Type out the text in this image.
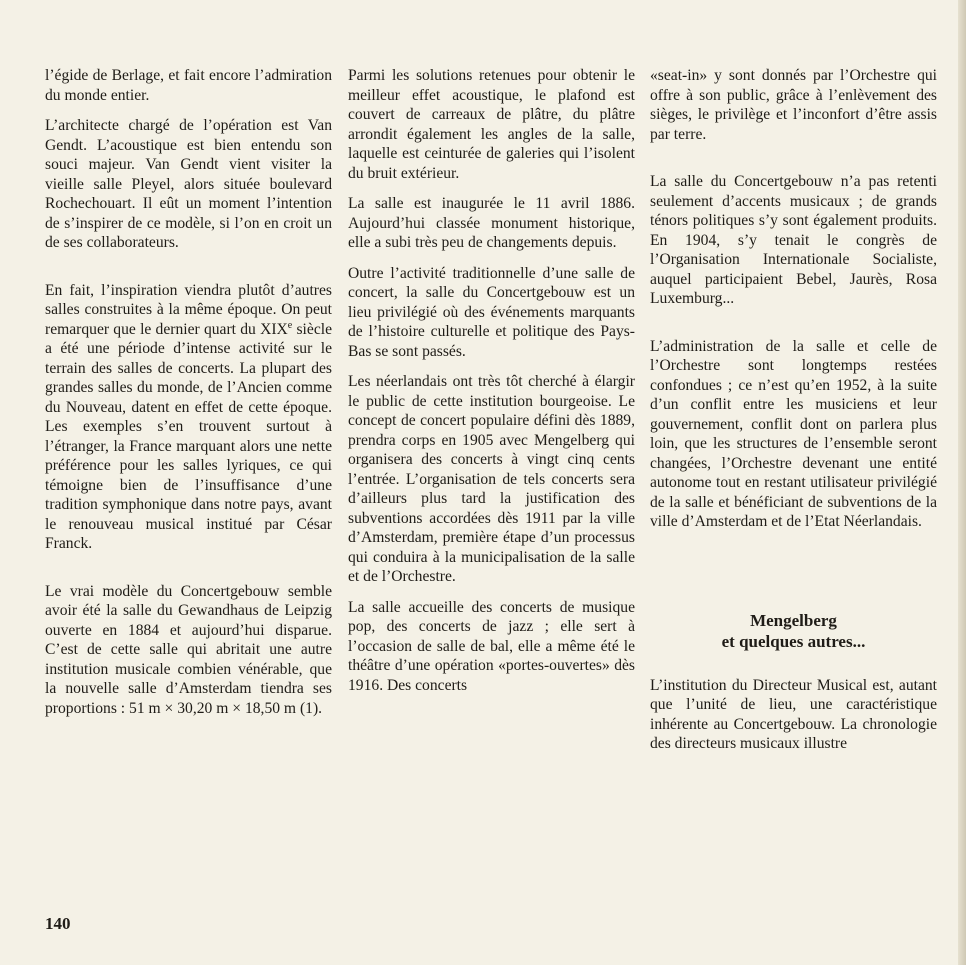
l’égide de Berlage, et fait encore l’admiration du monde entier.

L’architecte chargé de l’opération est Van Gendt. L’acoustique est bien entendu son souci majeur. Van Gendt vient visiter la vieille salle Pleyel, alors située boulevard Rochechouart. Il eût un moment l’intention de s’inspirer de ce modèle, si l’on en croit un de ses collaborateurs.

En fait, l’inspiration viendra plutôt d’autres salles construites à la même époque. On peut remarquer que le dernier quart du XIXe siècle a été une période d’intense activité sur le terrain des salles de concerts. La plupart des grandes salles du monde, de l’Ancien comme du Nouveau, datent en effet de cette époque. Les exemples s’en trouvent surtout à l’étranger, la France marquant alors une nette préférence pour les salles lyriques, ce qui témoigne bien de l’insuffisance d’une tradition symphonique dans notre pays, avant le renouveau musical institué par César Franck.

Le vrai modèle du Concertgebouw semble avoir été la salle du Gewandhaus de Leipzig ouverte en 1884 et aujourd’hui disparue. C’est de cette salle qui abritait une autre institution musicale combien vénérable, que la nouvelle salle d’Amsterdam tiendra ses proportions : 51 m × 30,20 m × 18,50 m (1).

Parmi les solutions retenues pour obtenir le meilleur effet acoustique, le plafond est couvert de carreaux de plâtre, du plâtre arrondit également les angles de la salle, laquelle est ceinturée de galeries qui l’isolent du bruit extérieur.

La salle est inaugurée le 11 avril 1886. Aujourd’hui classée monument historique, elle a subi très peu de changements depuis.

Outre l’activité traditionnelle d’une salle de concert, la salle du Concertgebouw est un lieu privilégié où des événements marquants de l’histoire culturelle et politique des Pays-Bas se sont passés.

Les néerlandais ont très tôt cherché à élargir le public de cette institution bourgeoise. Le concept de concert populaire défini dès 1889, prendra corps en 1905 avec Mengelberg qui organisera des concerts à vingt cinq cents l’entrée. L’organisation de tels concerts sera d’ailleurs plus tard la justification des subventions accordées dès 1911 par la ville d’Amsterdam, première étape d’un processus qui conduira à la municipalisation de la salle et de l’Orchestre.

La salle accueille des concerts de musique pop, des concerts de jazz ; elle sert à l’occasion de salle de bal, elle a même été le théâtre d’une opération «portes-ouvertes» dès 1916. Des concerts

«seat-in» y sont donnés par l’Orchestre qui offre à son public, grâce à l’enlèvement des sièges, le privilège et l’inconfort d’être assis par terre.

La salle du Concertgebouw n’a pas retenti seulement d’accents musicaux ; de grands ténors politiques s’y sont également produits. En 1904, s’y tenait le congrès de l’Organisation Internationale Socialiste, auquel participaient Bebel, Jaurès, Rosa Luxemburg...

L’administration de la salle et celle de l’Orchestre sont longtemps restées confondues ; ce n’est qu’en 1952, à la suite d’un conflit entre les musiciens et leur gouvernement, conflit dont on parlera plus loin, que les structures de l’ensemble seront changées, l’Orchestre devenant une entité autonome tout en restant utilisateur privilégié de la salle et bénéficiant de subventions de la ville d’Amsterdam et de l’Etat Néerlandais.

Mengelberg
et quelques autres...

L’institution du Directeur Musical est, autant que l’unité de lieu, une caractéristique inhérente au Concertgebouw. La chronologie des directeurs musicaux illustre

140
